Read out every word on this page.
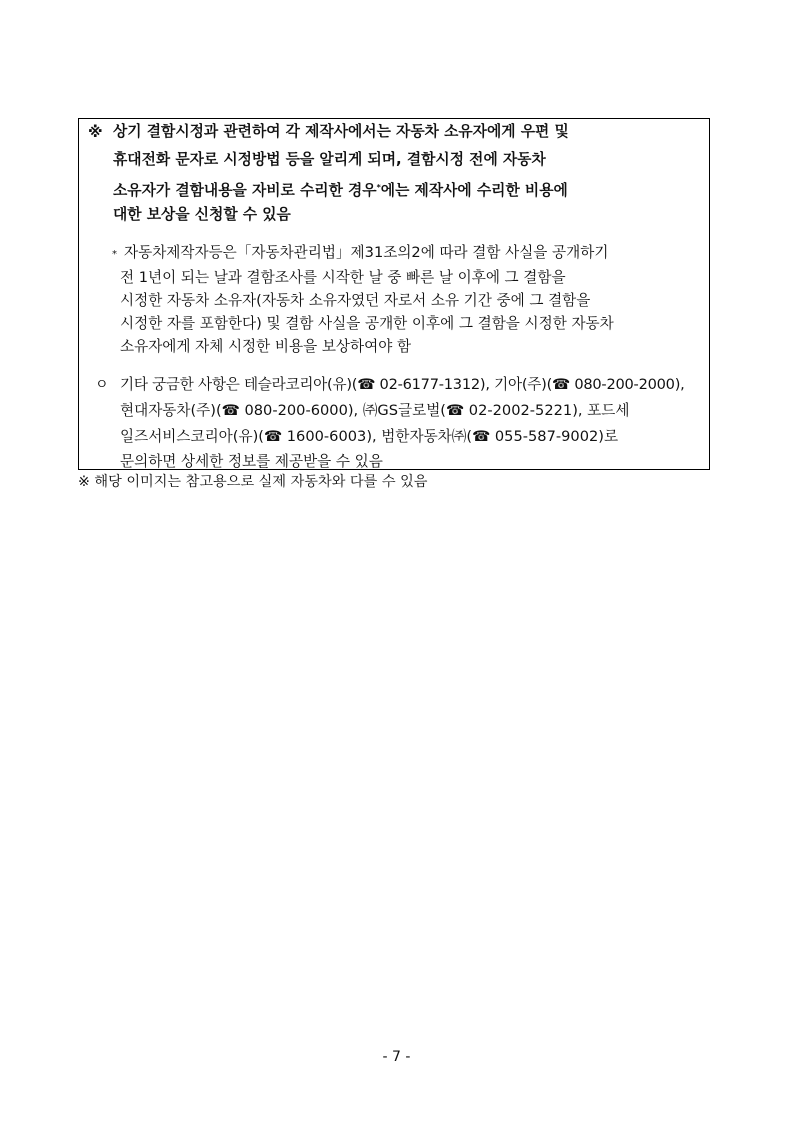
※ 상기 결함시정과 관련하여 각 제작사에서는 자동차 소유자에게 우편 및
휴대전화 문자로 시정방법 등을 알리게 되며, 결함시정 전에 자동차
소유자가 결함내용을 자비로 수리한 경우*에는 제작사에 수리한 비용에
대한 보상을 신청할 수 있음
* 자동차제작자등은「자동차관리법」제31조의2에 따라 결함 사실을 공개하기
전 1년이 되는 날과 결함조사를 시작한 날 중 빠른 날 이후에 그 결함을
시정한 자동차 소유자(자동차 소유자였던 자로서 소유 기간 중에 그 결함을
시정한 자를 포함한다) 및 결함 사실을 공개한 이후에 그 결함을 시정한 자동차
소유자에게 자체 시정한 비용을 보상하여야 함
ㅇ 기타 궁금한 사항은 테슬라코리아(유)(☎ 02-6177-1312), 기아(주)(☎ 080-200-2000),
현대자동차(주)(☎ 080-200-6000), ㈜GS글로벌(☎ 02-2002-5221), 포드세
일즈서비스코리아(유)(☎ 1600-6003), 범한자동차㈜(☎ 055-587-9002)로
문의하면 상세한 정보를 제공받을 수 있음
※ 해당 이미지는 참고용으로 실제 자동차와 다를 수 있음
- 7 -
